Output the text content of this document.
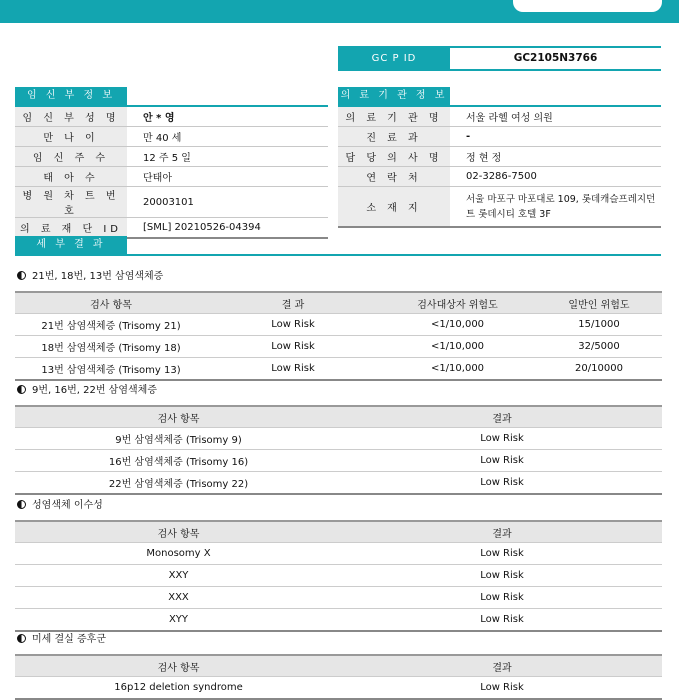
GC P ID	GC2105N3766
임 신 부 정 보	의 료 기 관 정 보
임 신 부 성 명	안 * 영
만 나 이	만 40 세
임 신 주 수	12 주 5 일
태 아 수	단태아
병 원 차 트 번 호	20003101
의 료 재 단 ID	[SML] 20210526-04394
의 료 기 관 명	서울 라헬 여성 의원
진 료 과	-
담 당 의 사 명	정 현 정
연 락 처	02-3286-7500
소 재 지	서울 마포구 마포대로 109, 롯데캐슬프레지던트 롯데시티 호텔 3F
세 부 결 과
21번, 18번, 13번 삼염색체증
검사 항목	결 과	검사대상자 위험도	일반인 위험도
21번 삼염색체증 (Trisomy 21)	Low Risk	<1/10,000	15/1000
18번 삼염색체증 (Trisomy 18)	Low Risk	<1/10,000	32/5000
13번 삼염색체증 (Trisomy 13)	Low Risk	<1/10,000	20/10000
9번, 16번, 22번 삼염색체증
검사 항목	결과
9번 삼염색체증 (Trisomy 9)	Low Risk
16번 삼염색체증 (Trisomy 16)	Low Risk
22번 삼염색체증 (Trisomy 22)	Low Risk
성염색체 이수성
검사 항목	결과
Monosomy X	Low Risk
XXY	Low Risk
XXX	Low Risk
XYY	Low Risk
미세 결실 증후군
검사 항목	결과
16p12 deletion syndrome	Low Risk
